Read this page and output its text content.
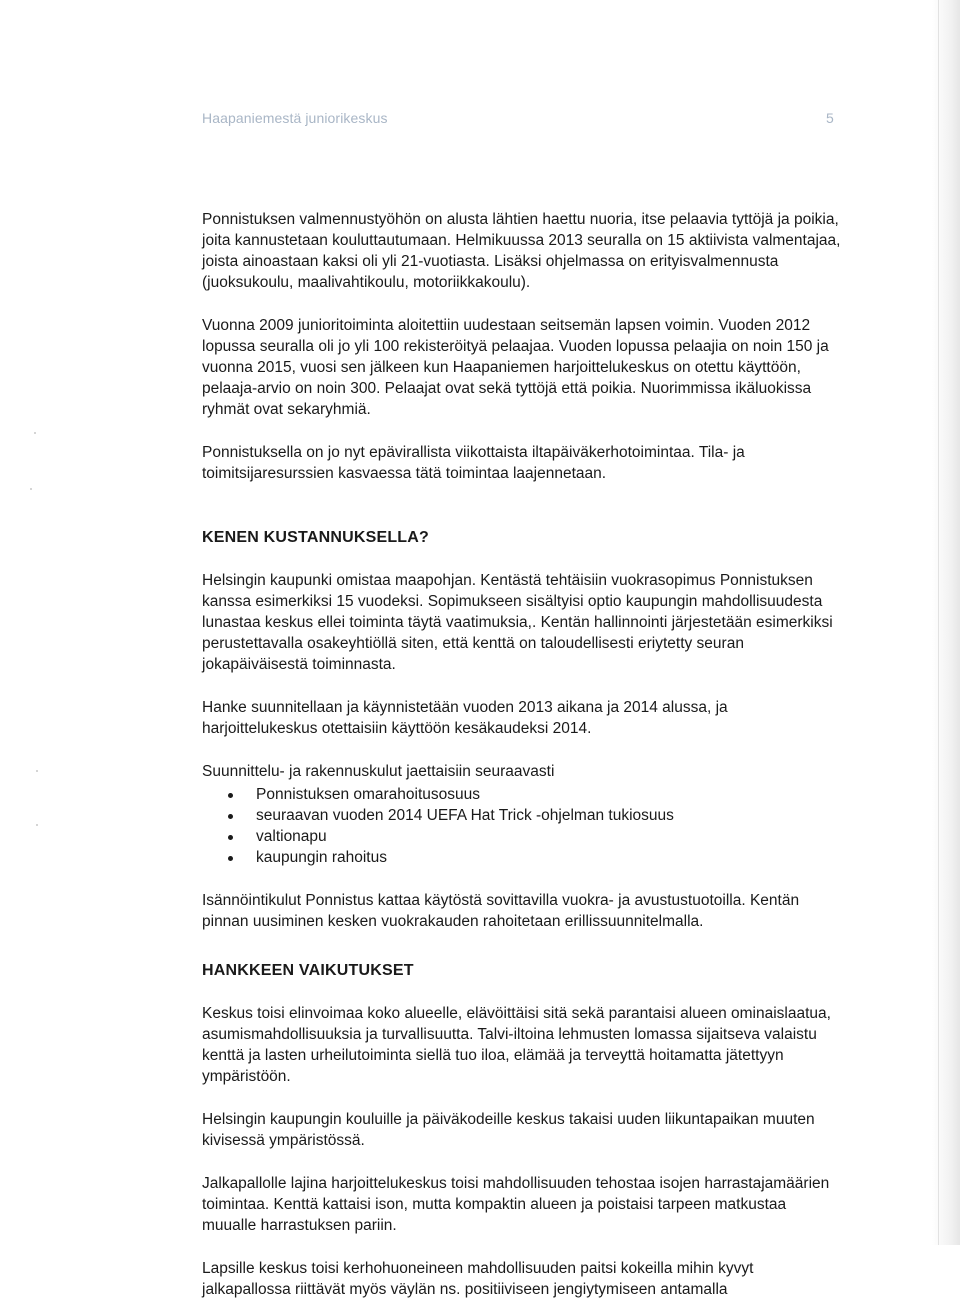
Haapaniemestä juniorikeskus	5

Ponnistuksen valmennustyöhön on alusta lähtien haettu nuoria, itse pelaavia tyttöjä ja poikia, joita kannustetaan kouluttautumaan. Helmikuussa 2013 seuralla on 15 aktiivista valmentajaa, joista ainoastaan kaksi oli yli 21-vuotiasta. Lisäksi ohjelmassa on erityisvalmennusta (juoksukoulu, maalivahtikoulu, motoriikkakoulu).

Vuonna 2009 junioritoiminta aloitettiin uudestaan seitsemän lapsen voimin. Vuoden 2012 lopussa seuralla oli jo yli 100 rekisteröityä pelaajaa. Vuoden lopussa pelaajia on noin 150 ja vuonna 2015, vuosi sen jälkeen kun Haapaniemen harjoittelukeskus on otettu käyttöön, pelaaja-arvio on noin 300. Pelaajat ovat sekä tyttöjä että poikia. Nuorimmissa ikäluokissa ryhmät ovat sekaryhmiä.

Ponnistuksella on jo nyt epävirallista viikottaista iltapäiväkerhotoimintaa. Tila- ja toimitsijaresurssien kasvaessa tätä toimintaa laajennetaan.

KENEN KUSTANNUKSELLA?

Helsingin kaupunki omistaa maapohjan. Kentästä tehtäisiin vuokrasopimus Ponnistuksen kanssa esimerkiksi 15 vuodeksi. Sopimukseen sisältyisi optio kaupungin mahdollisuudesta lunastaa keskus ellei toiminta täytä vaatimuksia,. Kentän hallinnointi järjestetään esimerkiksi perustettavalla osakeyhtiöllä siten, että kenttä on taloudellisesti eriytetty seuran jokapäiväisestä toiminnasta.

Hanke suunnitellaan ja käynnistetään vuoden 2013 aikana ja 2014 alussa, ja harjoittelukeskus otettaisiin käyttöön kesäkaudeksi 2014.

Suunnittelu- ja rakennuskulut jaettaisiin seuraavasti

Ponnistuksen omarahoitusosuus
seuraavan vuoden 2014 UEFA Hat Trick -ohjelman tukiosuus
valtionapu
kaupungin rahoitus

Isännöintikulut Ponnistus kattaa käytöstä sovittavilla vuokra- ja avustustuotoilla. Kentän pinnan uusiminen kesken vuokrakauden rahoitetaan erillissuunnitelmalla.

HANKKEEN VAIKUTUKSET

Keskus toisi elinvoimaa koko alueelle, elävöittäisi sitä sekä parantaisi alueen ominaislaatua, asumismahdollisuuksia ja turvallisuutta. Talvi-iltoina lehmusten lomassa sijaitseva valaistu kenttä ja lasten urheilutoiminta siellä tuo iloa, elämää ja terveyttä hoitamatta jätettyyn ympäristöön.

Helsingin kaupungin kouluille ja päiväkodeille keskus takaisi uuden liikuntapaikan muuten kivisessä ympäristössä.

Jalkapallolle lajina harjoittelukeskus toisi mahdollisuuden tehostaa isojen harrastajamäärien toimintaa. Kenttä kattaisi ison, mutta kompaktin alueen ja poistaisi tarpeen matkustaa muualle harrastuksen pariin.

Lapsille keskus toisi kerhohuoneineen mahdollisuuden paitsi kokeilla mihin kyvyt jalkapallossa riittävät myös väylän ns. positiiviseen jengiytymiseen antamalla
